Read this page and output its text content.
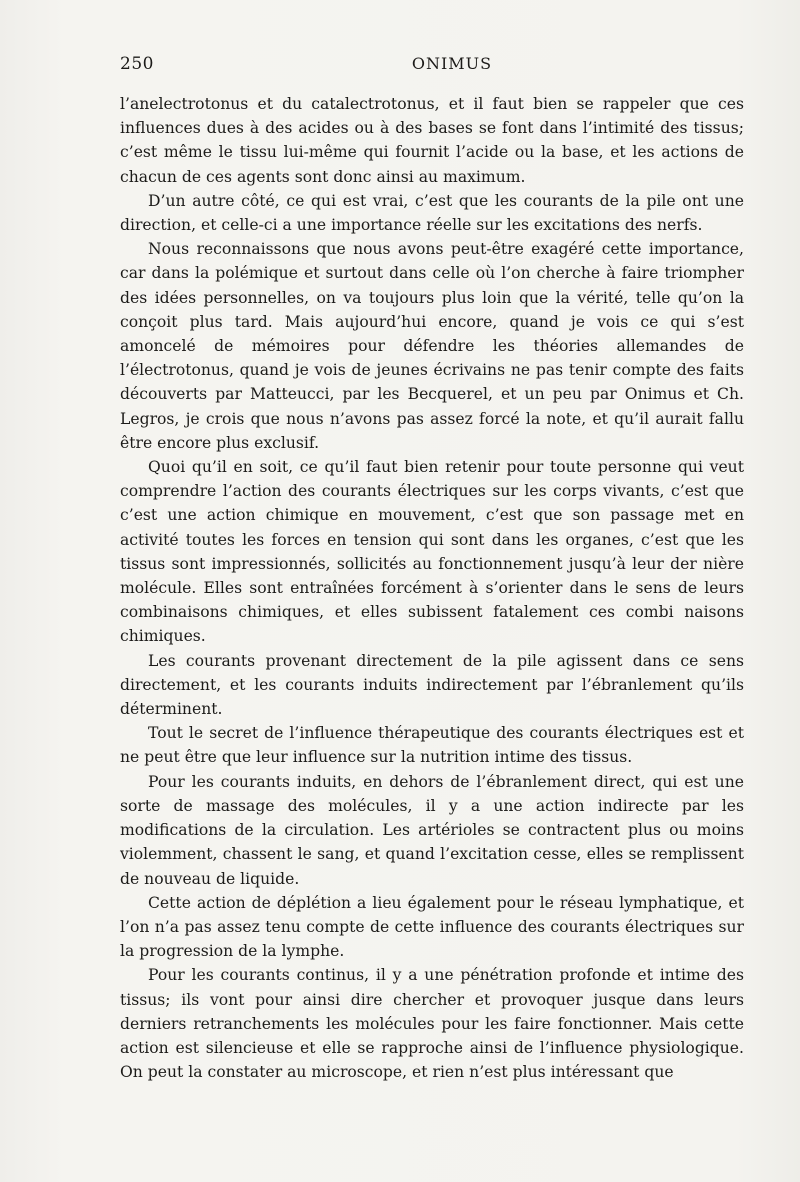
250	ONIMUS

l’anelectrotonus et du catalectrotonus, et il faut bien se rappeler que ces influences dues à des acides ou à des bases se font dans l’intimité des tissus; c’est même le tissu lui-même qui fournit l’acide ou la base, et les actions de chacun de ces agents sont donc ainsi au maximum.

D’un autre côté, ce qui est vrai, c’est que les courants de la pile ont une direction, et celle-ci a une importance réelle sur les excitations des nerfs.

Nous reconnaissons que nous avons peut-être exagéré cette importance, car dans la polémique et surtout dans celle où l’on cherche à faire triompher des idées personnelles, on va toujours plus loin que la vérité, telle qu’on la conçoit plus tard. Mais aujourd’hui encore, quand je vois ce qui s’est amoncelé de mémoires pour défendre les théories allemandes de l’électrotonus, quand je vois de jeunes écrivains ne pas tenir compte des faits découverts par Matteucci, par les Becquerel, et un peu par Onimus et Ch. Legros, je crois que nous n’avons pas assez forcé la note, et qu’il aurait fallu être encore plus exclusif.

Quoi qu’il en soit, ce qu’il faut bien retenir pour toute personne qui veut comprendre l’action des courants électriques sur les corps vivants, c’est que c’est une action chimique en mouvement, c’est que son passage met en activité toutes les forces en tension qui sont dans les organes, c’est que les tissus sont impressionnés, sollicités au fonctionnement jusqu’à leur der nière molécule. Elles sont entraînées forcément à s’orienter dans le sens de leurs combinaisons chimiques, et elles subissent fatalement ces combi naisons chimiques.

Les courants provenant directement de la pile agissent dans ce sens directement, et les courants induits indirectement par l’ébranlement qu’ils déterminent.

Tout le secret de l’influence thérapeutique des courants électriques est et ne peut être que leur influence sur la nutrition intime des tissus.

Pour les courants induits, en dehors de l’ébranlement direct, qui est une sorte de massage des molécules, il y a une action indirecte par les modifications de la circulation. Les artérioles se contractent plus ou moins violemment, chassent le sang, et quand l’excitation cesse, elles se remplissent de nouveau de liquide.

Cette action de déplétion a lieu également pour le réseau lymphatique, et l’on n’a pas assez tenu compte de cette influence des courants électriques sur la progression de la lymphe.

Pour les courants continus, il y a une pénétration profonde et intime des tissus; ils vont pour ainsi dire chercher et provoquer jusque dans leurs derniers retranchements les molécules pour les faire fonctionner. Mais cette action est silencieuse et elle se rapproche ainsi de l’influence physiologique. On peut la constater au microscope, et rien n’est plus intéressant que
